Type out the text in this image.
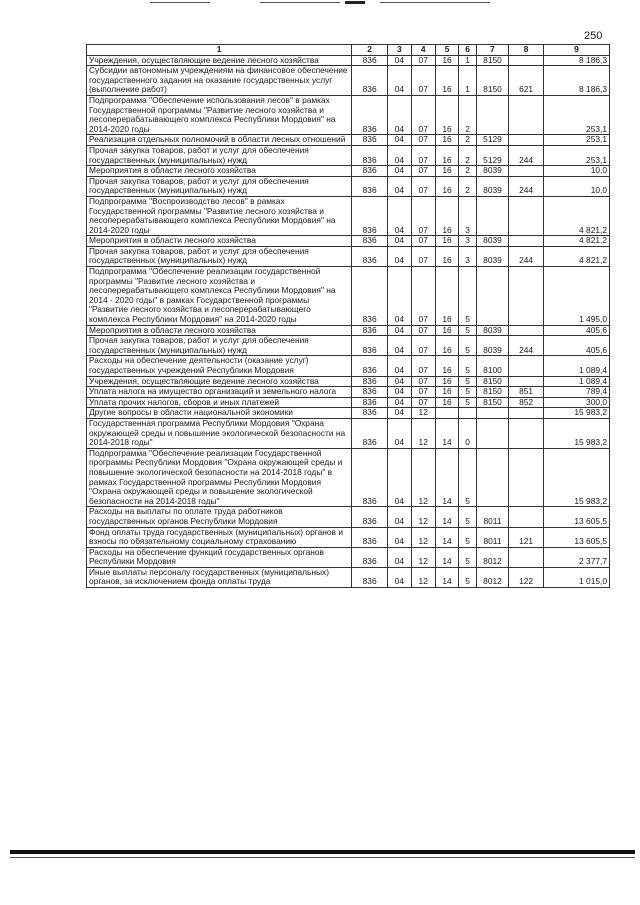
250
1	2	3	4	5	6	7	8	9
Учреждения, осуществляющие ведение лесного хозяйства	836	04	07	16	1	8150		8 186,3
Субсидии автономным учреждениям на финансовое обеспечение государственного задания на оказание государственных услуг (выполнение работ)	836	04	07	16	1	8150	621	8 186,3
Подпрограмма "Обеспечение использования лесов" в рамках Государственной программы "Развитие лесного хозяйства и лесоперерабатывающего комплекса Республики Мордовия" на 2014-2020 годы	836	04	07	16	2			253,1
Реализация отдельных полномочий в области лесных отношений	836	04	07	16	2	5129		253,1
Прочая закупка товаров, работ и услуг для обеспечения государственных (муниципальных) нужд	836	04	07	16	2	5129	244	253,1
Мероприятия в области лесного хозяйства	836	04	07	16	2	8039		10,0
Прочая закупка товаров, работ и услуг для обеспечения государственных (муниципальных) нужд	836	04	07	16	2	8039	244	10,0
Подпрограмма "Воспроизводство лесов" в рамках Государственной программы "Развитие лесного хозяйства и лесоперерабатывающего комплекса Республики Мордовия" на 2014-2020 годы	836	04	07	16	3			4 821,2
Мероприятия в области лесного хозяйства	836	04	07	16	3	8039		4 821,2
Прочая закупка товаров, работ и услуг для обеспечения государственных (муниципальных) нужд	836	04	07	16	3	8039	244	4 821,2
Подпрограмма "Обеспечение реализации государственной программы "Развитие лесного хозяйства и лесоперерабатывающего комплекса Республики Мордовия" на 2014 - 2020 годы" в рамках Государственной программы "Развитие лесного хозяйства и лесоперерабатывающего комплекса Республики Мордовия" на 2014-2020 годы	836	04	07	16	5			1 495,0
Мероприятия в области лесного хозяйства	836	04	07	16	5	8039		405,6
Прочая закупка товаров, работ и услуг для обеспечения государственных (муниципальных) нужд	836	04	07	16	5	8039	244	405,6
Расходы на обеспечение деятельности (оказание услуг) государственных учреждений Республики Мордовия	836	04	07	16	5	8100		1 089,4
Учреждения, осуществляющие ведение лесного хозяйства	836	04	07	16	5	8150		1 089,4
Уплата налога на имущество организаций и земельного налога	836	04	07	16	5	8150	851	789,4
Уплата прочих налогов, сборов и иных платежей	836	04	07	16	5	8150	852	300,0
Другие вопросы в области национальной экономики	836	04	12					15 983,2
Государственная программа Республики Мордовия "Охрана окружающей среды и повышение экологической безопасности на 2014-2018 годы"	836	04	12	14	0			15 983,2
Подпрограмма "Обеспечение реализации Государственной программы Республики Мордовия "Охрана окружающей среды и повышение экологической безопасности на 2014-2018 годы" в рамках Государственной программы Республики Мордовия "Охрана окружающей среды и повышение экологической безопасности на 2014-2018 годы"	836	04	12	14	5			15 983,2
Расходы на выплаты по оплате труда работников государственных органов Республики Мордовия	836	04	12	14	5	8011		13 605,5
Фонд оплаты труда государственных (муниципальных) органов и взносы по обязательному социальному страхованию	836	04	12	14	5	8011	121	13 605,5
Расходы на обеспечение функций государственных органов Республики Мордовия	836	04	12	14	5	8012		2 377,7
Иные выплаты персоналу государственных (муниципальных) органов, за исключением фонда оплаты труда	836	04	12	14	5	8012	122	1 015,0
